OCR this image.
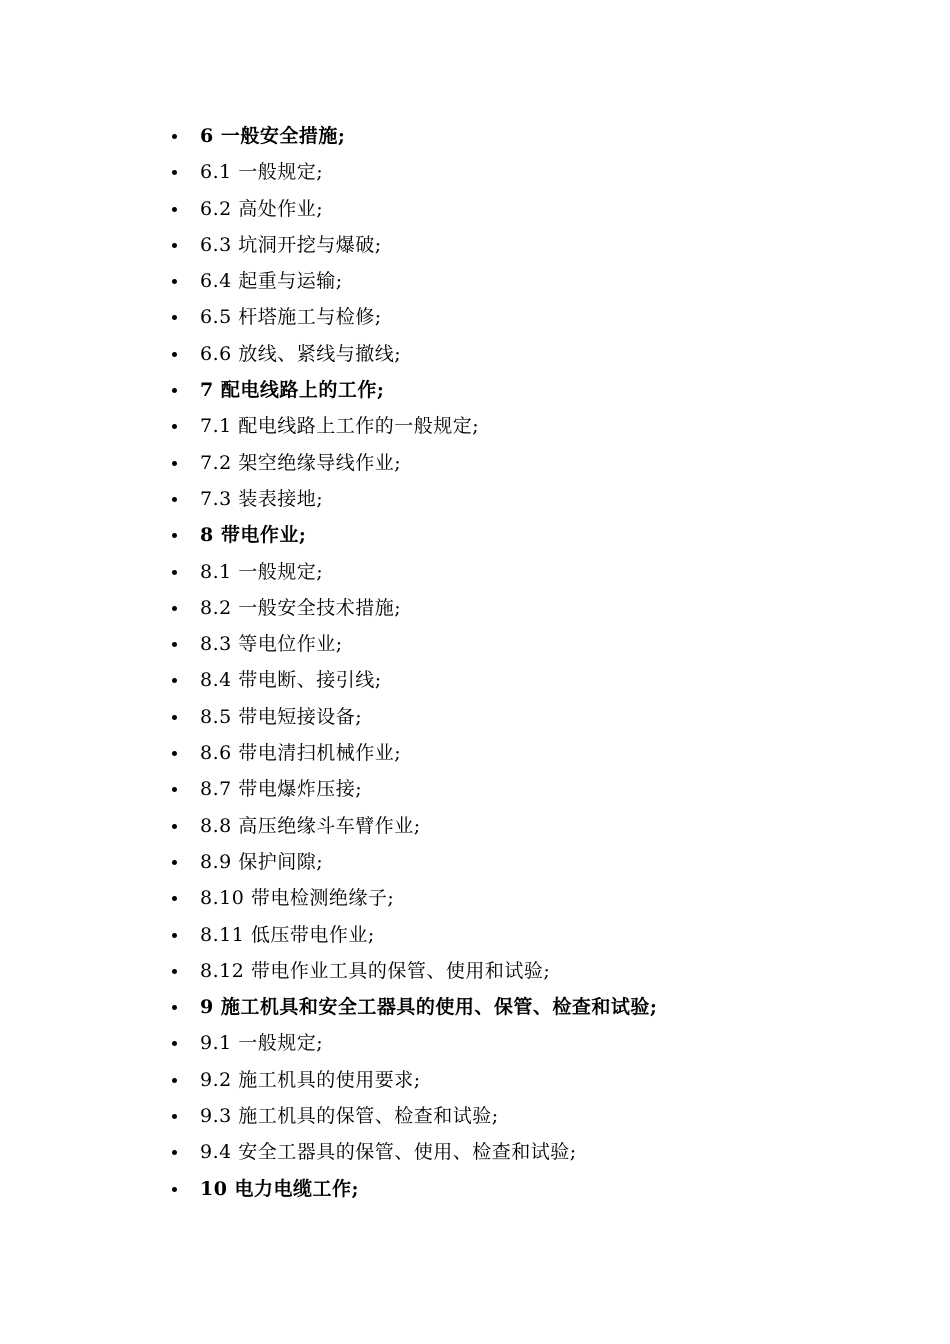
6 一般安全措施;
6.1 一般规定;
6.2 高处作业;
6.3 坑洞开挖与爆破;
6.4 起重与运输;
6.5 杆塔施工与检修;
6.6 放线、紧线与撤线;
7 配电线路上的工作;
7.1 配电线路上工作的一般规定;
7.2 架空绝缘导线作业;
7.3 装表接地;
8 带电作业;
8.1 一般规定;
8.2 一般安全技术措施;
8.3 等电位作业;
8.4 带电断、接引线;
8.5 带电短接设备;
8.6 带电清扫机械作业;
8.7 带电爆炸压接;
8.8 高压绝缘斗车臂作业;
8.9 保护间隙;
8.10 带电检测绝缘子;
8.11 低压带电作业;
8.12 带电作业工具的保管、使用和试验;
9 施工机具和安全工器具的使用、保管、检查和试验;
9.1 一般规定;
9.2 施工机具的使用要求;
9.3 施工机具的保管、检查和试验;
9.4 安全工器具的保管、使用、检查和试验;
10 电力电缆工作;
